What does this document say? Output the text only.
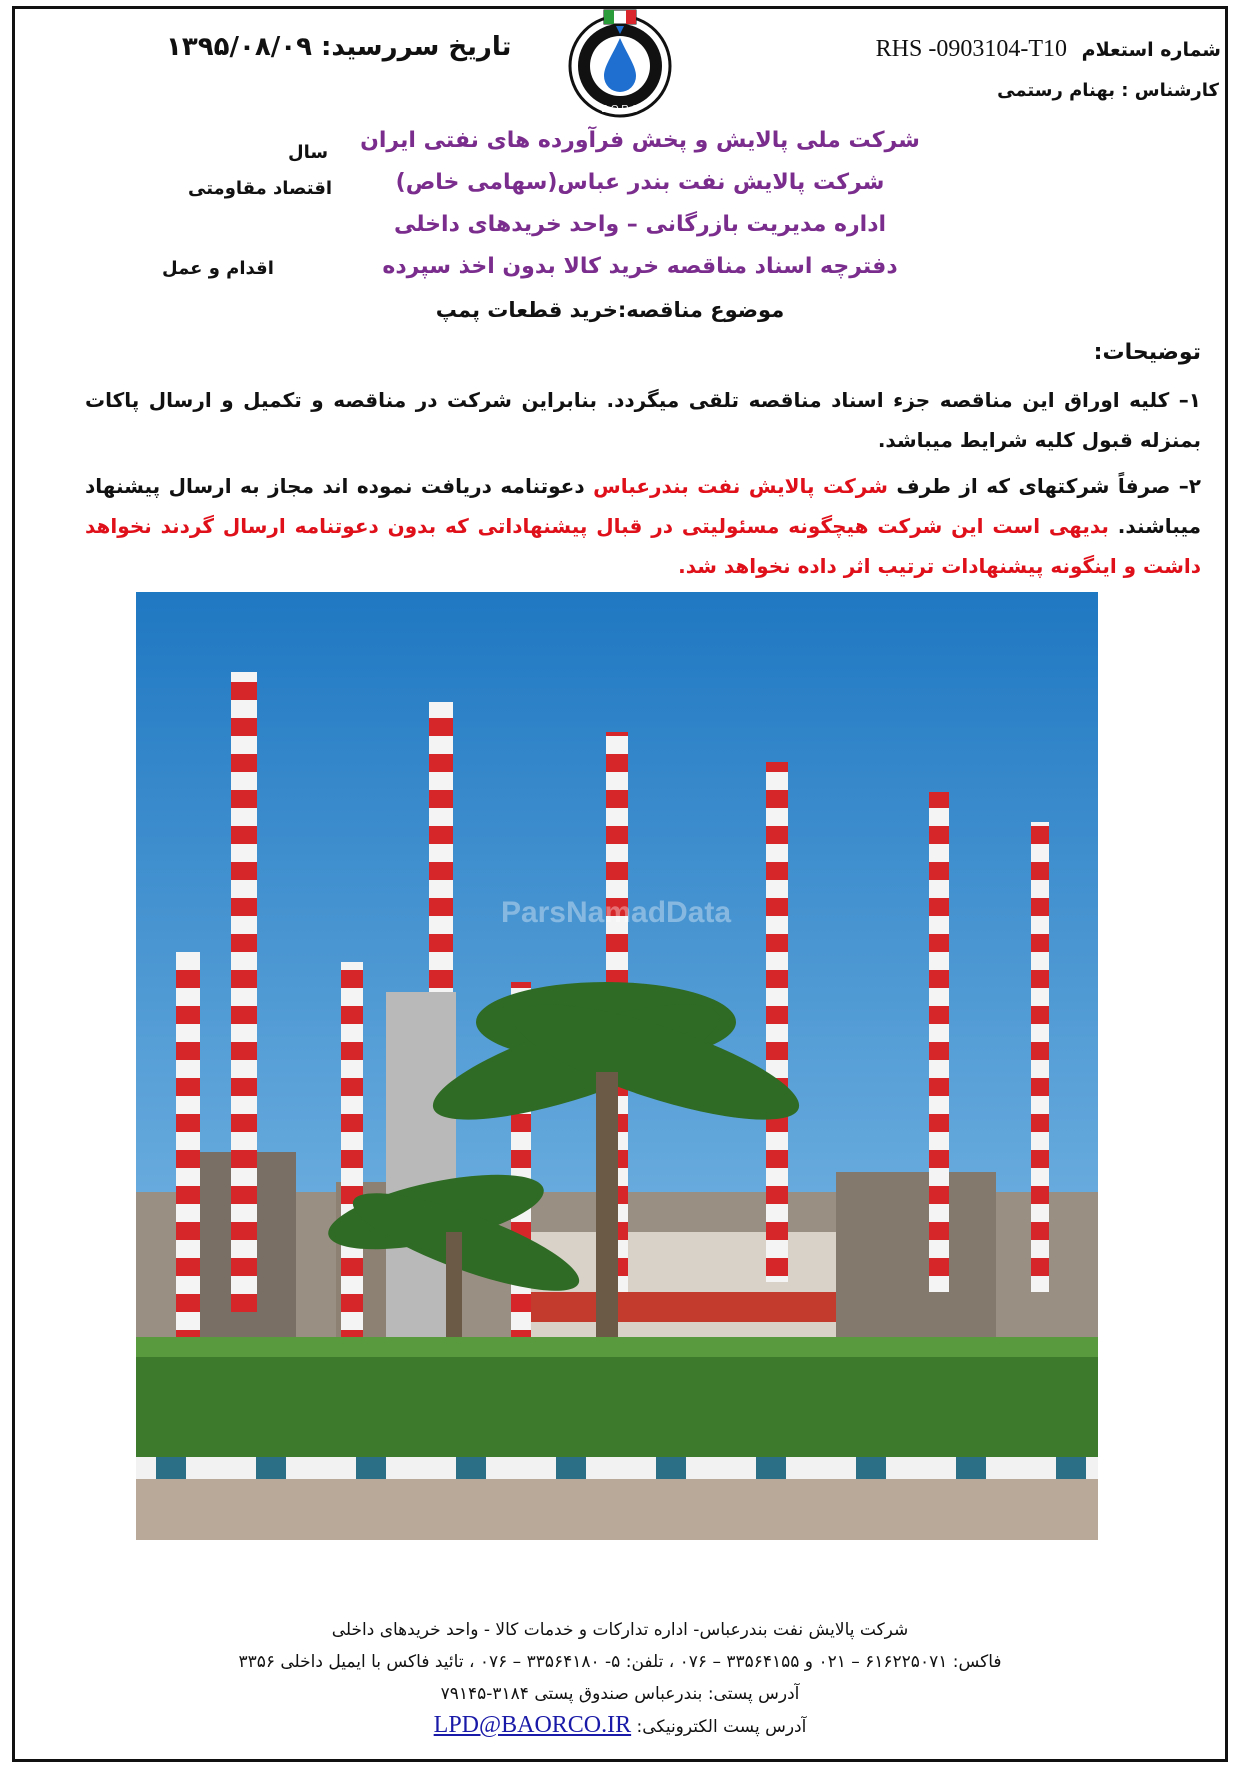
شماره استعلام RHS -0903104-T10
کارشناس : بهنام رستمی
تاریخ سررسید: ۱۳۹۵/۰۸/۰۹
B.O.R.C
شرکت ملی پالایش و پخش فرآورده های نفتی ایران
شرکت پالایش نفت بندر عباس(سهامی خاص)
اداره مدیریت بازرگانی – واحد خریدهای داخلی
دفترچه اسناد مناقصه خرید کالا بدون اخذ سپرده
موضوع مناقصه:خرید قطعات پمپ
سال
اقتصاد مقاومتی
اقدام و عمل
توضیحات:
۱– کلیه اوراق این مناقصه جزء اسناد مناقصه تلقی میگردد. بنابراین شرکت در مناقصه و تکمیل و ارسال پاکات بمنزله قبول کلیه شرایط میباشد.
۲– صرفاً شرکتهای که از طرف شرکت پالایش نفت بندرعباس دعوتنامه دریافت نموده اند مجاز به ارسال پیشنهاد میباشند. بدیهی است این شرکت هیچگونه مسئولیتی در قبال پیشنهاداتی که بدون دعوتنامه ارسال گردند نخواهد داشت و اینگونه پیشنهادات ترتیب اثر داده نخواهد شد.
ParsNamadData
شرکت پالایش نفت بندرعباس- اداره تدارکات و خدمات کالا - واحد خریدهای داخلی
فاکس: ۶۱۶۲۲۵۰۷۱ – ۰۲۱ و ۳۳۵۶۴۱۵۵ – ۰۷۶ ، تلفن: ۵- ۳۳۵۶۴۱۸۰ – ۰۷۶ ، تائید فاکس با ایمیل داخلی ۳۳۵۶
آدرس پستی: بندرعباس صندوق پستی ۳۱۸۴-۷۹۱۴۵
آدرس پست الکترونیکی: LPD@BAORCO.IR
